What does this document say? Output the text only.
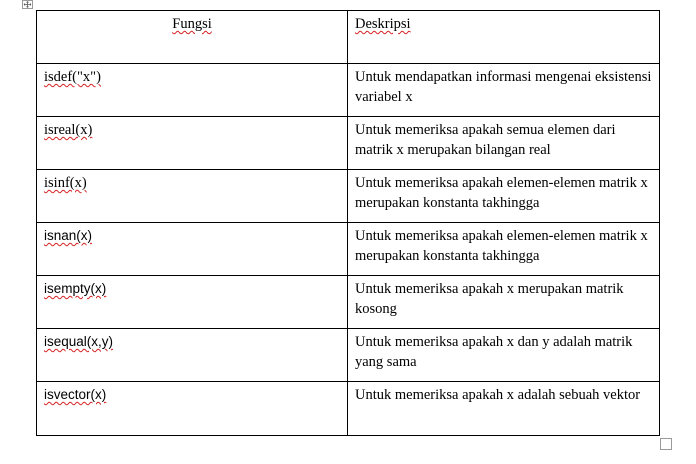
Fungsi	Deskripsi
isdef("x")	Untuk mendapatkan informasi mengenai eksistensi variabel x
isreal(x)	Untuk memeriksa apakah semua elemen dari matrik x merupakan bilangan real
isinf(x)	Untuk memeriksa apakah elemen-elemen matrik x merupakan konstanta takhingga
isnan(x)	Untuk memeriksa apakah elemen-elemen matrik x merupakan konstanta takhingga
isempty(x)	Untuk memeriksa apakah x merupakan matrik kosong
isequal(x,y)	Untuk memeriksa apakah x dan y adalah matrik yang sama
isvector(x)	Untuk memeriksa apakah x adalah sebuah vektor
